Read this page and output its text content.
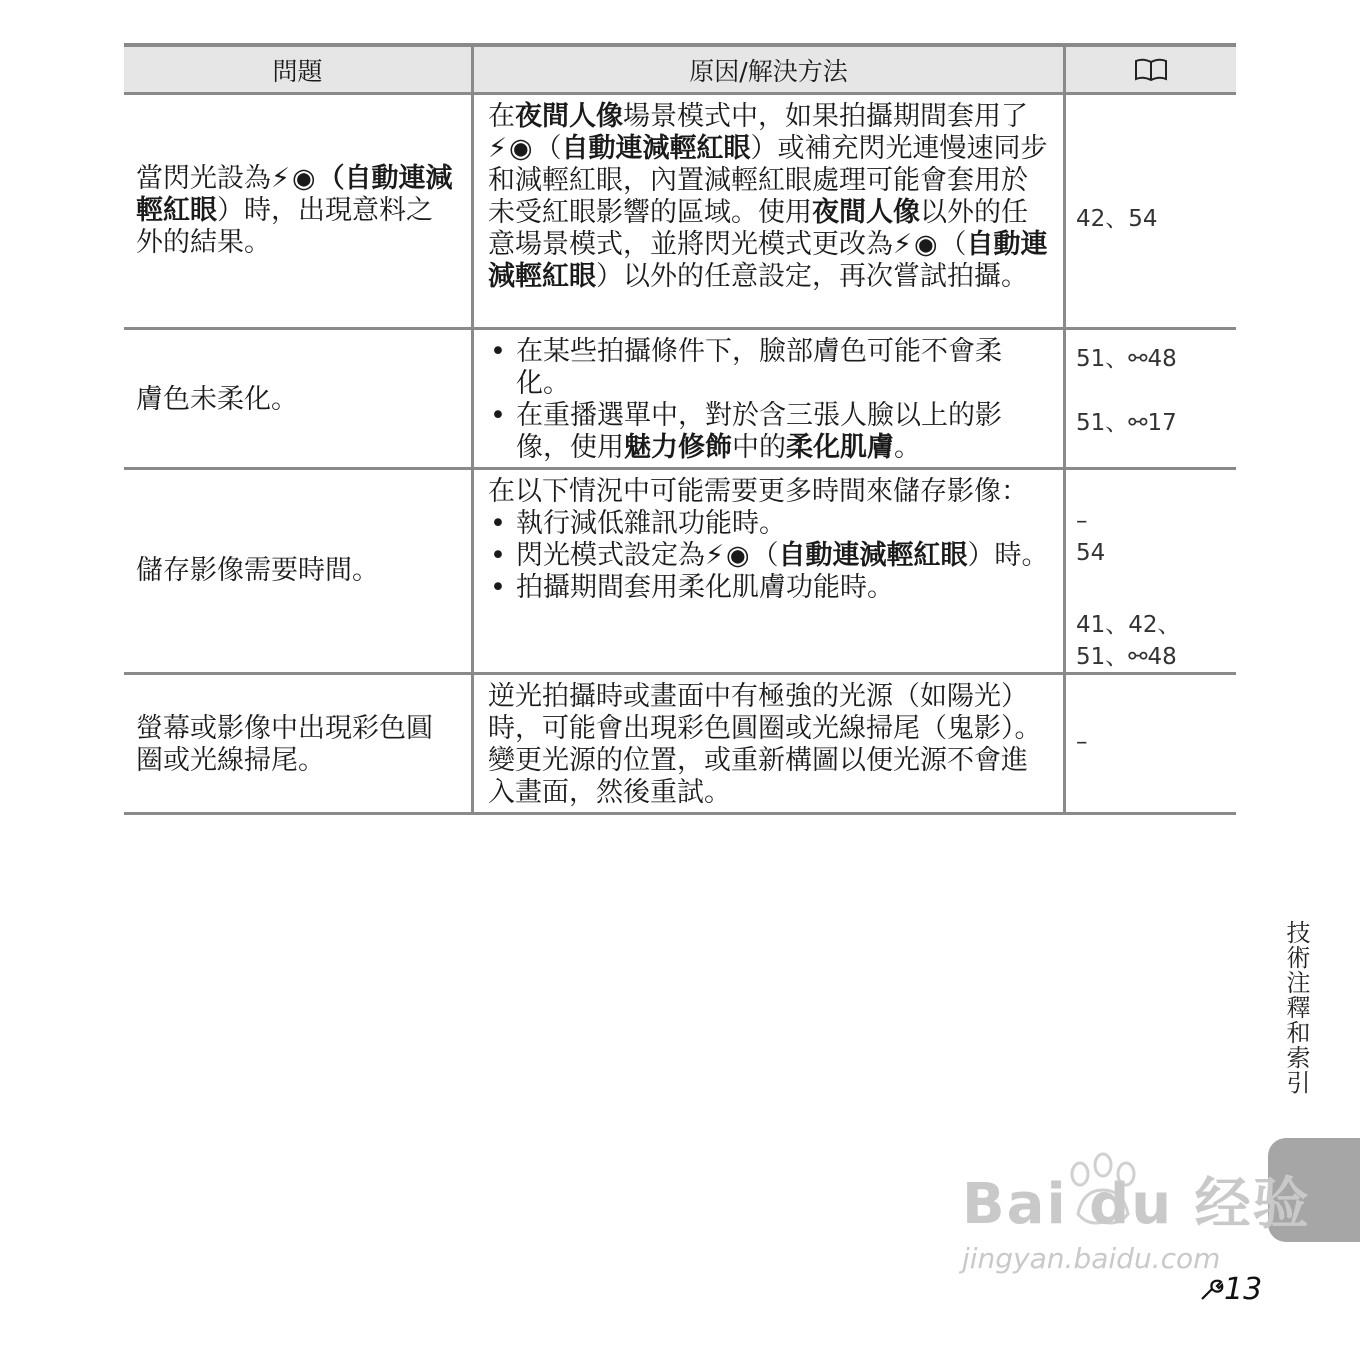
問題	原因/解決方法
當閃光設為⚡◉（自動連減輕紅眼）時，出現意料之外的結果。
在夜間人像場景模式中，如果拍攝期間套用了
⚡◉（自動連減輕紅眼）或補充閃光連慢速同步和減輕紅眼，內置減輕紅眼處理可能會套用於未受紅眼影響的區域。使用夜間人像以外的任意場景模式，並將閃光模式更改為⚡◉（自動連減輕紅眼）以外的任意設定，再次嘗試拍攝。
42、54
膚色未柔化。
• 在某些拍攝條件下，臉部膚色可能不會柔化。
• 在重播選單中，對於含三張人臉以上的影像，使用魅力修飾中的柔化肌膚。
51、⚯48
51、⚯17
儲存影像需要時間。
在以下情況中可能需要更多時間來儲存影像：
• 執行減低雜訊功能時。
• 閃光模式設定為⚡◉（自動連減輕紅眼）時。
• 拍攝期間套用柔化肌膚功能時。
–
54
41、42、
51、⚯48
螢幕或影像中出現彩色圓圈或光線掃尾。
逆光拍攝時或畫面中有極強的光源（如陽光）時，可能會出現彩色圓圈或光線掃尾（鬼影）。變更光源的位置，或重新構圖以便光源不會進入畫面，然後重試。
–
技術注釋和索引
Bai du 经验
jingyan.baidu.com
13
